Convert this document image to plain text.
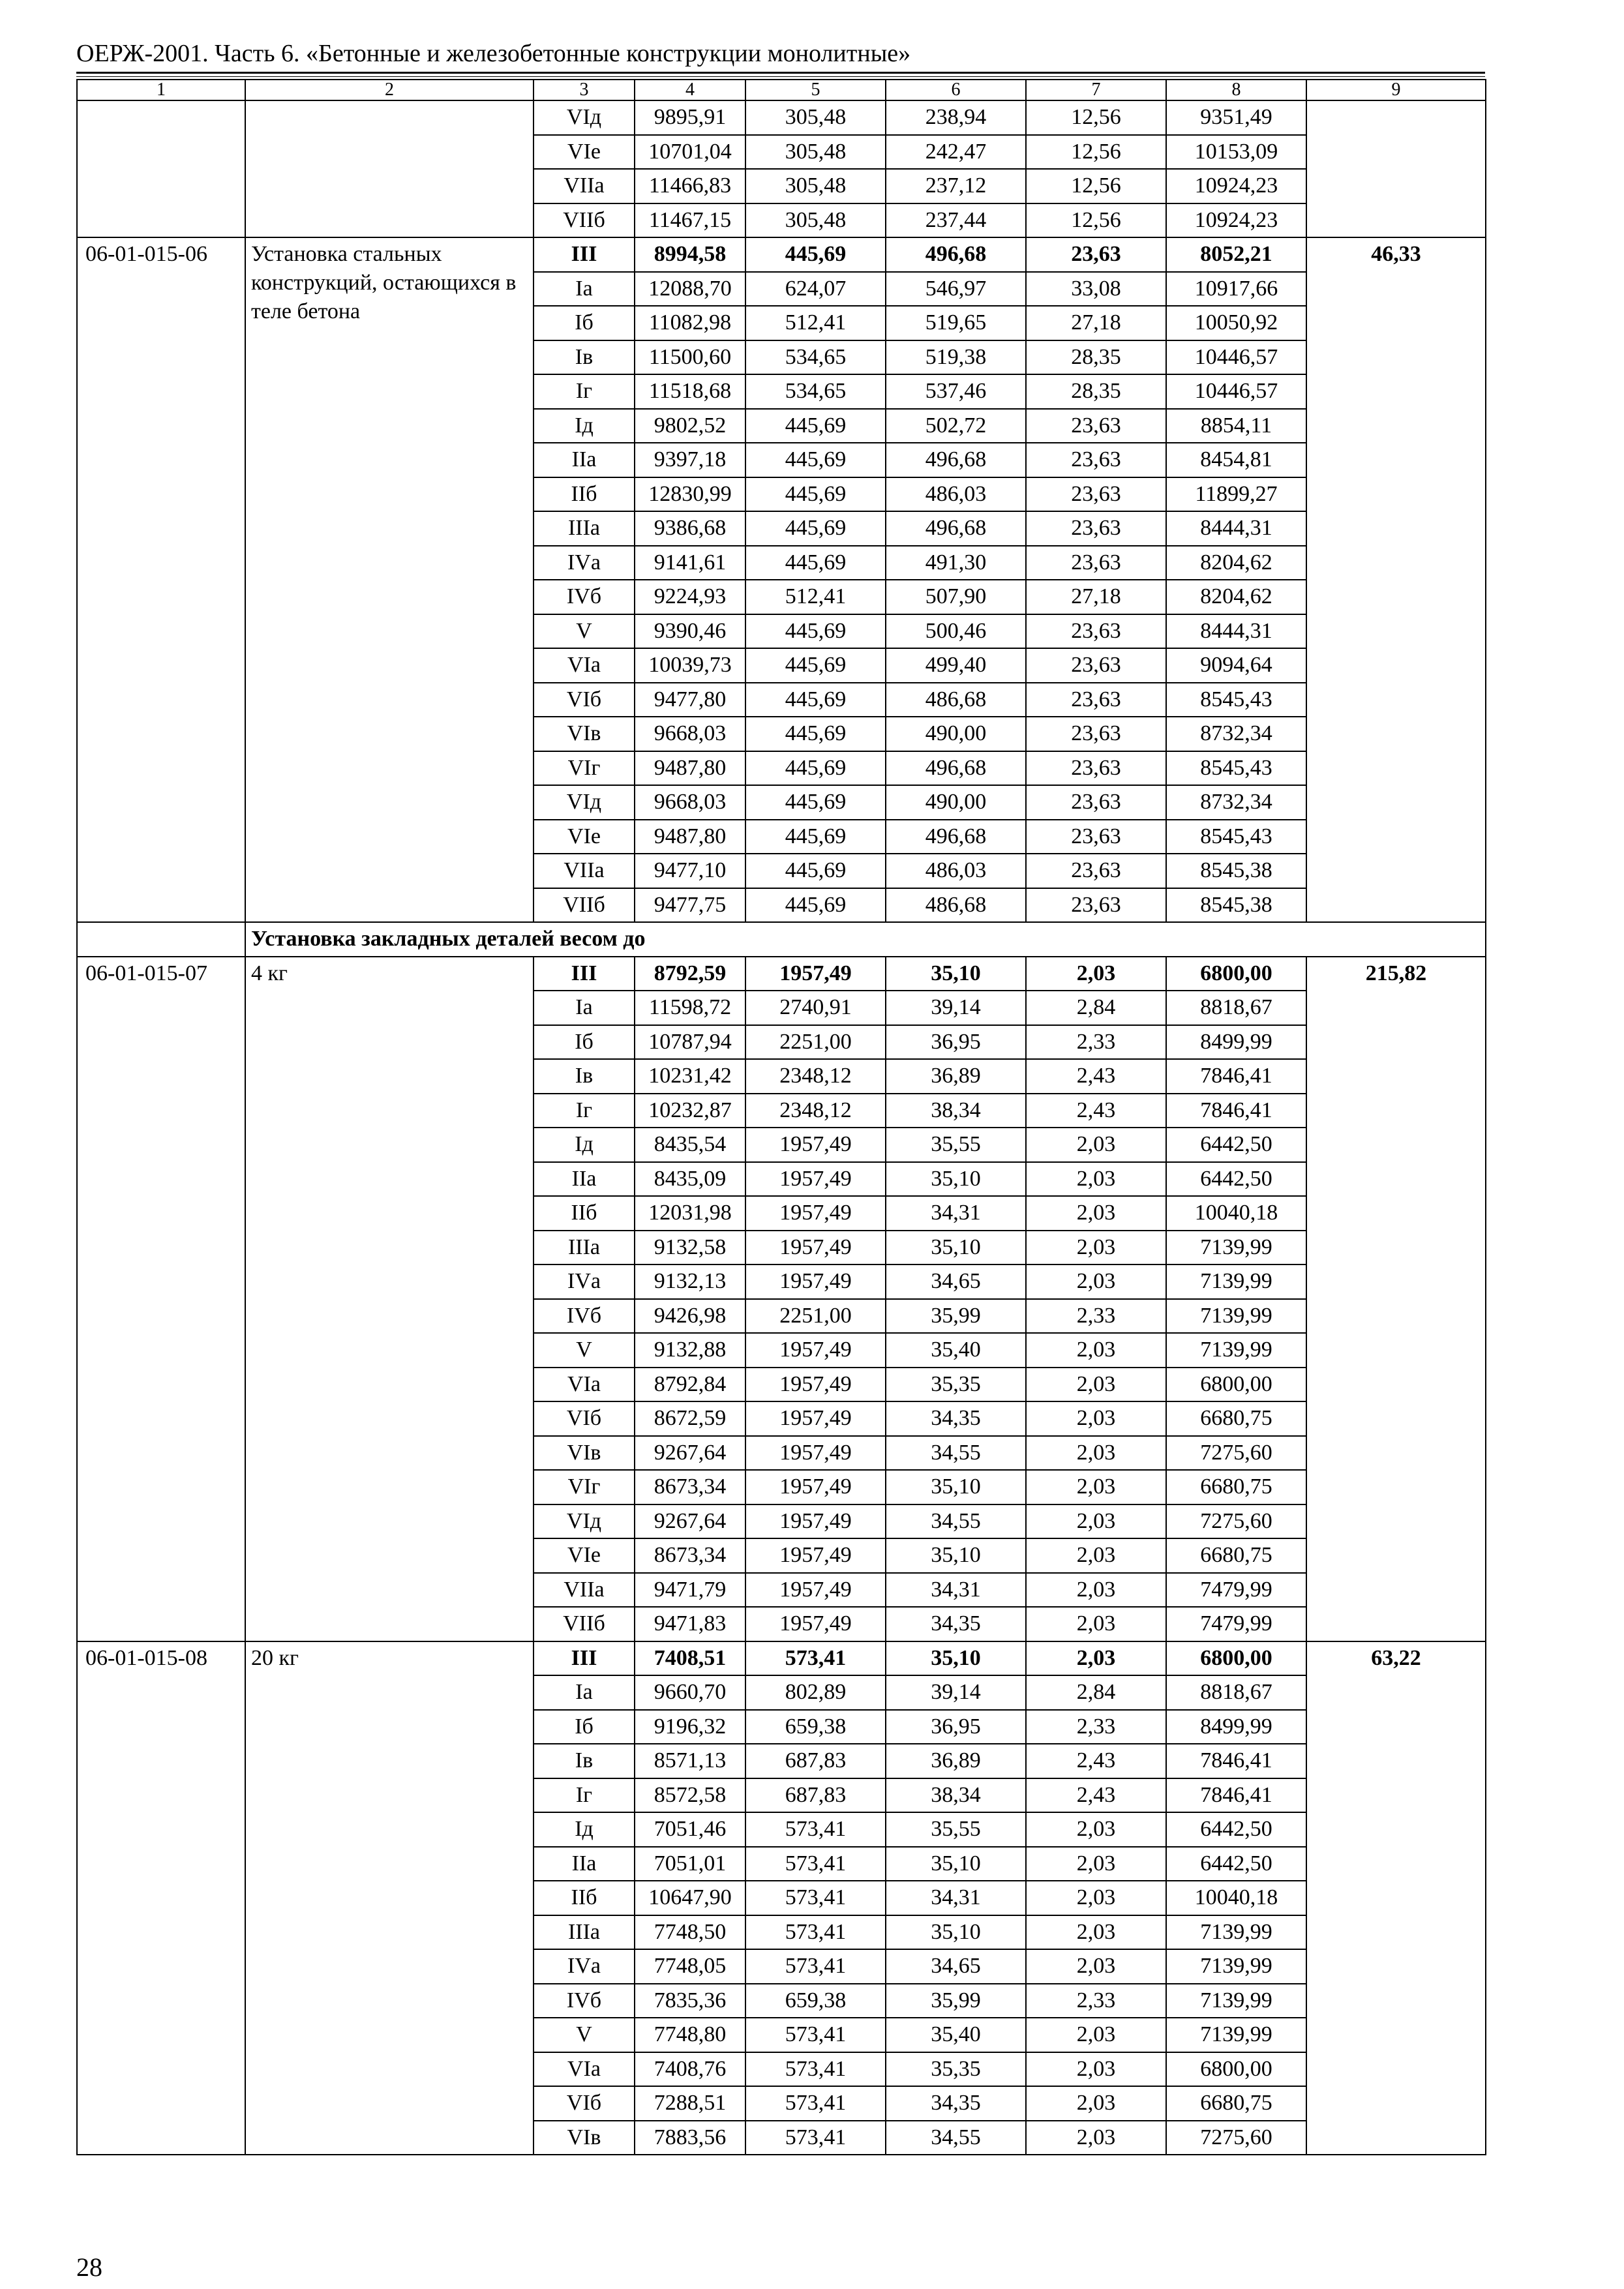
ОЕРЖ-2001. Часть 6. «Бетонные и железобетонные конструкции монолитные»
1	2	3	4	5	6	7	8	9
		VIд	9895,91	305,48	238,94	12,56	9351,49	
		VIе	10701,04	305,48	242,47	12,56	10153,09	
		VIIа	11466,83	305,48	237,12	12,56	10924,23	
		VIIб	11467,15	305,48	237,44	12,56	10924,23	
06-01-015-06	Установка стальных конструкций, остающихся в теле бетона	III	8994,58	445,69	496,68	23,63	8052,21	46,33
		Iа	12088,70	624,07	546,97	33,08	10917,66	
		Iб	11082,98	512,41	519,65	27,18	10050,92	
		Iв	11500,60	534,65	519,38	28,35	10446,57	
		Iг	11518,68	534,65	537,46	28,35	10446,57	
		Iд	9802,52	445,69	502,72	23,63	8854,11	
		IIа	9397,18	445,69	496,68	23,63	8454,81	
		IIб	12830,99	445,69	486,03	23,63	11899,27	
		IIIа	9386,68	445,69	496,68	23,63	8444,31	
		IVа	9141,61	445,69	491,30	23,63	8204,62	
		IVб	9224,93	512,41	507,90	27,18	8204,62	
		V	9390,46	445,69	500,46	23,63	8444,31	
		VIа	10039,73	445,69	499,40	23,63	9094,64	
		VIб	9477,80	445,69	486,68	23,63	8545,43	
		VIв	9668,03	445,69	490,00	23,63	8732,34	
		VIг	9487,80	445,69	496,68	23,63	8545,43	
		VIд	9668,03	445,69	490,00	23,63	8732,34	
		VIе	9487,80	445,69	496,68	23,63	8545,43	
		VIIа	9477,10	445,69	486,03	23,63	8545,38	
		VIIб	9477,75	445,69	486,68	23,63	8545,38	
	Установка закладных деталей весом до							
06-01-015-07	4 кг	III	8792,59	1957,49	35,10	2,03	6800,00	215,82
		Iа	11598,72	2740,91	39,14	2,84	8818,67	
		Iб	10787,94	2251,00	36,95	2,33	8499,99	
		Iв	10231,42	2348,12	36,89	2,43	7846,41	
		Iг	10232,87	2348,12	38,34	2,43	7846,41	
		Iд	8435,54	1957,49	35,55	2,03	6442,50	
		IIа	8435,09	1957,49	35,10	2,03	6442,50	
		IIб	12031,98	1957,49	34,31	2,03	10040,18	
		IIIа	9132,58	1957,49	35,10	2,03	7139,99	
		IVа	9132,13	1957,49	34,65	2,03	7139,99	
		IVб	9426,98	2251,00	35,99	2,33	7139,99	
		V	9132,88	1957,49	35,40	2,03	7139,99	
		VIа	8792,84	1957,49	35,35	2,03	6800,00	
		VIб	8672,59	1957,49	34,35	2,03	6680,75	
		VIв	9267,64	1957,49	34,55	2,03	7275,60	
		VIг	8673,34	1957,49	35,10	2,03	6680,75	
		VIд	9267,64	1957,49	34,55	2,03	7275,60	
		VIе	8673,34	1957,49	35,10	2,03	6680,75	
		VIIа	9471,79	1957,49	34,31	2,03	7479,99	
		VIIб	9471,83	1957,49	34,35	2,03	7479,99	
06-01-015-08	20 кг	III	7408,51	573,41	35,10	2,03	6800,00	63,22
		Iа	9660,70	802,89	39,14	2,84	8818,67	
		Iб	9196,32	659,38	36,95	2,33	8499,99	
		Iв	8571,13	687,83	36,89	2,43	7846,41	
		Iг	8572,58	687,83	38,34	2,43	7846,41	
		Iд	7051,46	573,41	35,55	2,03	6442,50	
		IIа	7051,01	573,41	35,10	2,03	6442,50	
		IIб	10647,90	573,41	34,31	2,03	10040,18	
		IIIа	7748,50	573,41	35,10	2,03	7139,99	
		IVа	7748,05	573,41	34,65	2,03	7139,99	
		IVб	7835,36	659,38	35,99	2,33	7139,99	
		V	7748,80	573,41	35,40	2,03	7139,99	
		VIа	7408,76	573,41	35,35	2,03	6800,00	
		VIб	7288,51	573,41	34,35	2,03	6680,75	
		VIв	7883,56	573,41	34,55	2,03	7275,60	
28
